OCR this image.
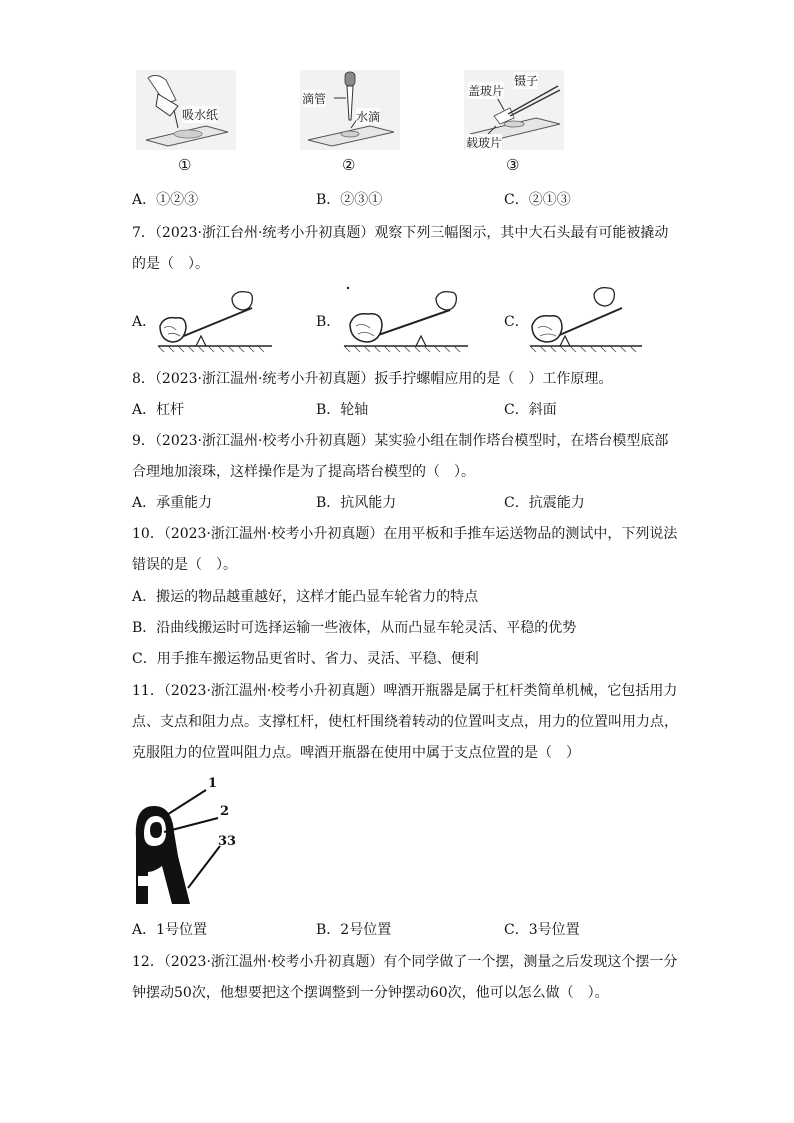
吸水纸
①
滴管
水滴
②
盖玻片
镊子
载玻片
③
A．①②③	B．②③①	C．②①③
7．（2023·浙江台州·统考小升初真题）观察下列三幅图示，其中大石头最有可能被撬动
的是（　）。
A．	B．	C．
8．（2023·浙江温州·统考小升初真题）扳手拧螺帽应用的是（　）工作原理。
A．杠杆	B．轮轴	C．斜面
9．（2023·浙江温州·校考小升初真题）某实验小组在制作塔台模型时，在塔台模型底部
合理地加滚珠，这样操作是为了提高塔台模型的（　）。
A．承重能力	B．抗风能力	C．抗震能力
10．（2023·浙江温州·校考小升初真题）在用平板和手推车运送物品的测试中，下列说法
错误的是（　）。
A．搬运的物品越重越好，这样才能凸显车轮省力的特点
B．沿曲线搬运时可选择运输一些液体，从而凸显车轮灵活、平稳的优势
C．用手推车搬运物品更省时、省力、灵活、平稳、便利
11．（2023·浙江温州·校考小升初真题）啤酒开瓶器是属于杠杆类简单机械，它包括用力
点、支点和阻力点。支撑杠杆，使杠杆围绕着转动的位置叫支点，用力的位置叫用力点，
克服阻力的位置叫阻力点。啤酒开瓶器在使用中属于支点位置的是（　）
1
2
33
A．1号位置	B．2号位置	C．3号位置
12．（2023·浙江温州·校考小升初真题）有个同学做了一个摆，测量之后发现这个摆一分
钟摆动50次，他想要把这个摆调整到一分钟摆动60次，他可以怎么做（　）。
